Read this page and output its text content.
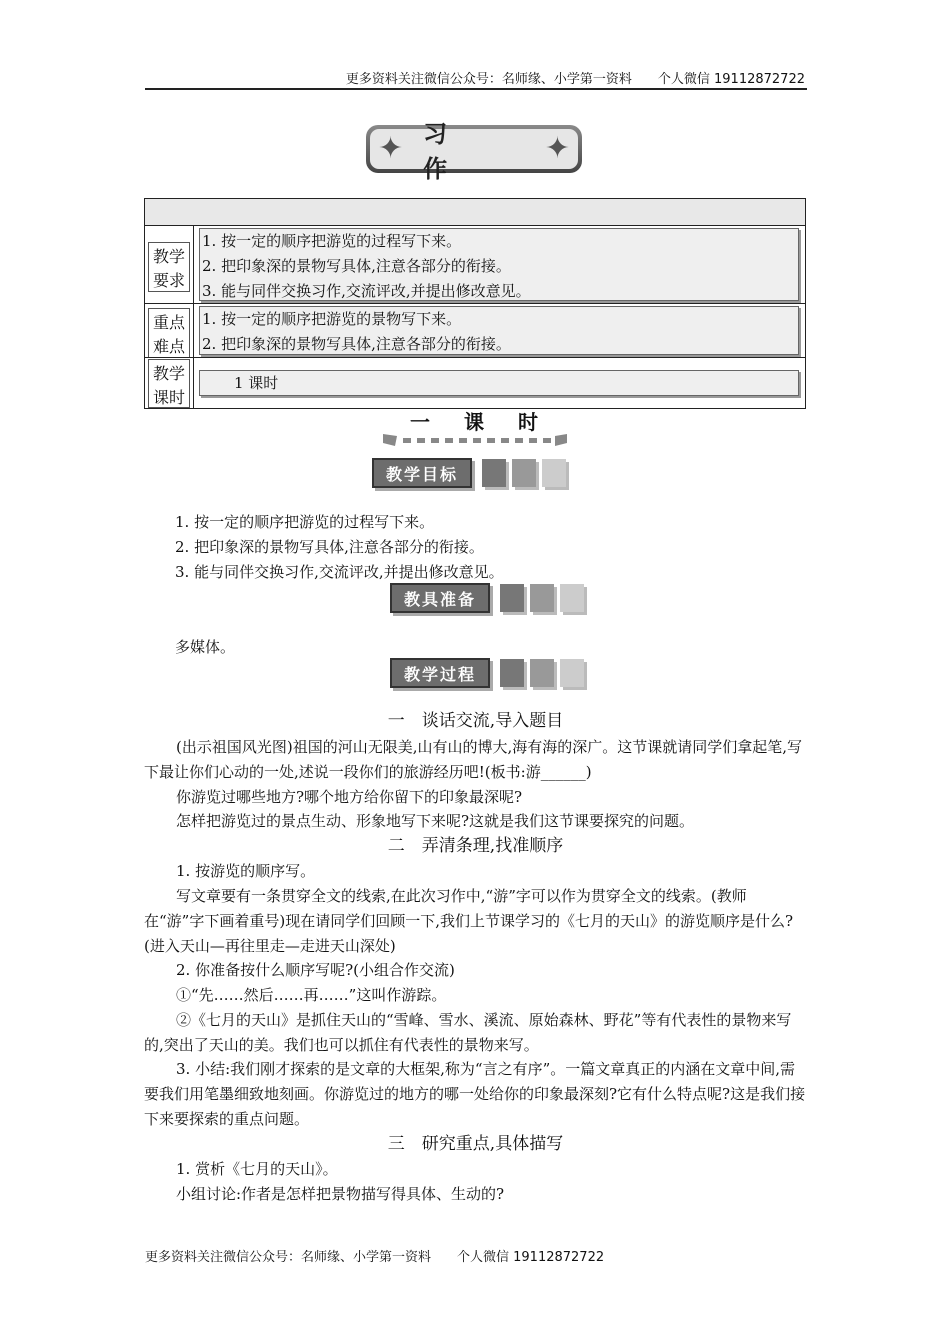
更多资料关注微信公众号：名师缘、小学第一资料　　个人微信 19112872722
✦ 习作
✦
教学要求
1. 按一定的顺序把游览的过程写下来。
2. 把印象深的景物写具体,注意各部分的衔接。
3. 能与同伴交换习作,交流评改,并提出修改意见。
重点难点
1. 按一定的顺序把游览的景物写下来。
2. 把印象深的景物写具体,注意各部分的衔接。
教学课时
1 课时
一课时
教学目标
1. 按一定的顺序把游览的过程写下来。
2. 把印象深的景物写具体,注意各部分的衔接。
3. 能与同伴交换习作,交流评改,并提出修改意见。
教具准备
多媒体。
教学过程
一　谈话交流,导入题目
(出示祖国风光图)祖国的河山无限美,山有山的博大,海有海的深广。这节课就请同学们拿起笔,写下最让你们心动的一处,述说一段你们的旅游经历吧!(板书:游______)
你游览过哪些地方?哪个地方给你留下的印象最深呢?
怎样把游览过的景点生动、形象地写下来呢?这就是我们这节课要探究的问题。
二　弄清条理,找准顺序
1. 按游览的顺序写。
写文章要有一条贯穿全文的线索,在此次习作中,“游”字可以作为贯穿全文的线索。(教师在“游”字下画着重号)现在请同学们回顾一下,我们上节课学习的《七月的天山》的游览顺序是什么?(进入天山—再往里走—走进天山深处)
2. 你准备按什么顺序写呢?(小组合作交流)
①“先……然后……再……”这叫作游踪。
②《七月的天山》是抓住天山的“雪峰、雪水、溪流、原始森林、野花”等有代表性的景物来写的,突出了天山的美。我们也可以抓住有代表性的景物来写。
3. 小结:我们刚才探索的是文章的大框架,称为“言之有序”。一篇文章真正的内涵在文章中间,需要我们用笔墨细致地刻画。你游览过的地方的哪一处给你的印象最深刻?它有什么特点呢?这是我们接下来要探索的重点问题。
三　研究重点,具体描写
1. 赏析《七月的天山》。
小组讨论:作者是怎样把景物描写得具体、生动的?
更多资料关注微信公众号：名师缘、小学第一资料　　个人微信 19112872722
